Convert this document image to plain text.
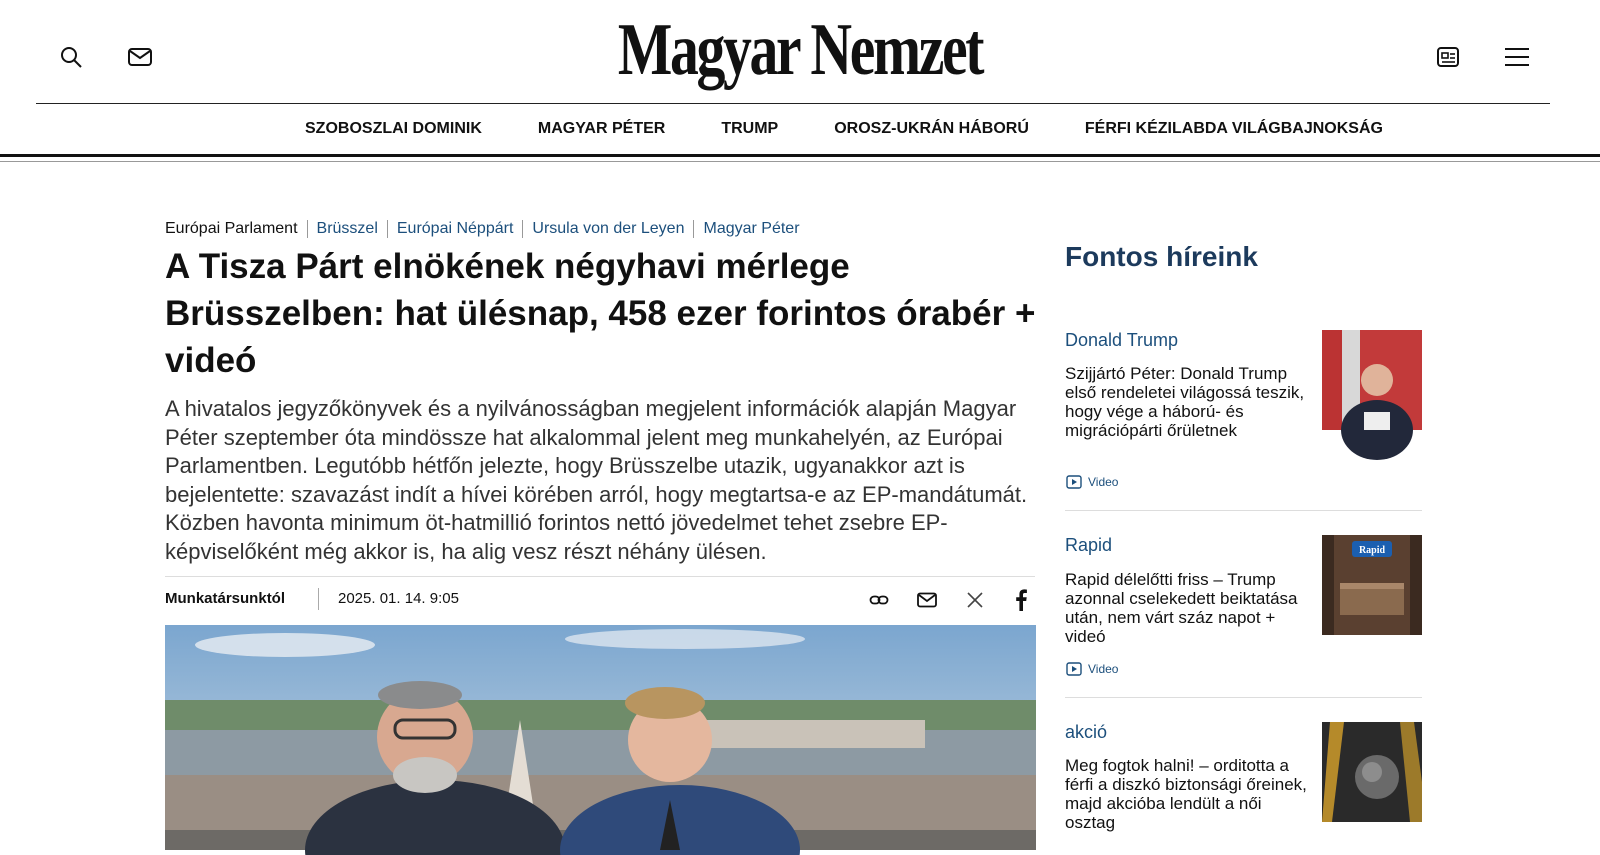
Magyar Nemzet
SZOBOSZLAI DOMINIK	MAGYAR PÉTER	TRUMP	OROSZ-UKRÁN HÁBORÚ	FÉRFI KÉZILABDA VILÁGBAJNOKSÁG
Európai Parlament Brüsszel Európai Néppárt Ursula von der Leyen Magyar Péter
A Tisza Párt elnökének négyhavi mérlege Brüsszelben: hat ülésnap, 458 ezer forintos órabér + videó

A hivatalos jegyzőkönyvek és a nyilvánosságban megjelent információk alapján Magyar Péter szeptember óta mindössze hat alkalommal jelent meg munkahelyén, az Európai Parlamentben. Legutóbb hétfőn jelezte, hogy Brüsszelbe utazik, ugyanakkor azt is bejelentette: szavazást indít a hívei körében arról, hogy megtartsa-e az EP-mandátumát. Közben havonta minimum öt-hatmillió forintos nettó jövedelmet tehet zsebre EP-képviselőként még akkor is, ha alig vesz részt néhány ülésen.

Munkatársunktól	2025. 01. 14. 9:05
Fontos híreink
Donald Trump

Szijjártó Péter: Donald Trump első rendeletei világossá teszik, hogy vége a háború- és migrációpárti őrületnek

Video
Rapid

Rapid délelőtti friss – Trump azonnal cselekedett beiktatása után, nem várt száz napot + videó

Rapid
Video
akció

Meg fogtok halni! – orditotta a férfi a diszkó biztonsági őreinek, majd akcióba lendült a női osztag
